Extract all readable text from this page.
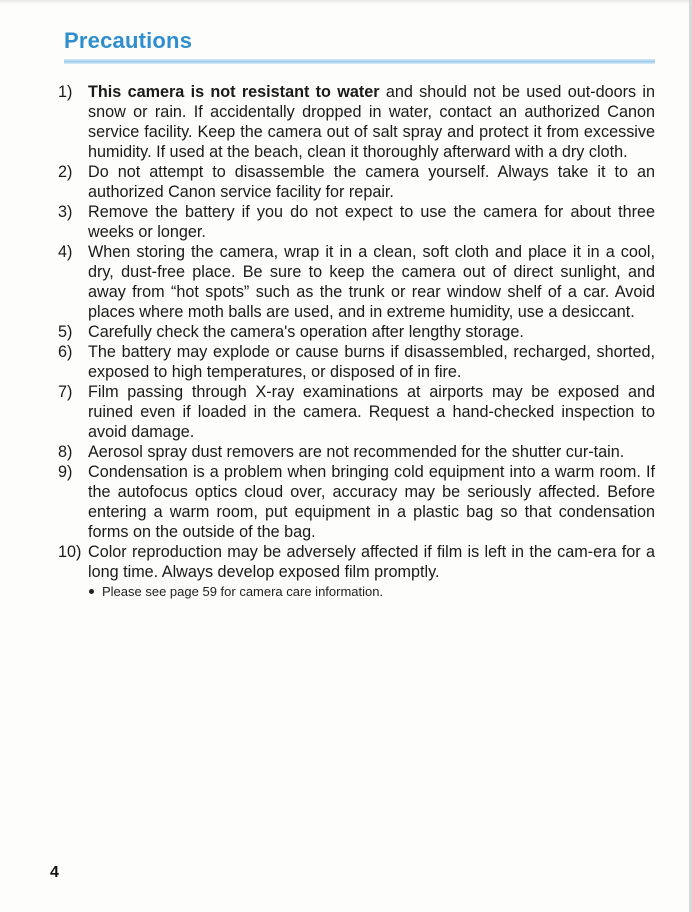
Precautions
1) This camera is not resistant to water and should not be used out-doors in snow or rain. If accidentally dropped in water, contact an authorized Canon service facility. Keep the camera out of salt spray and protect it from excessive humidity. If used at the beach, clean it thoroughly afterward with a dry cloth.
2) Do not attempt to disassemble the camera yourself. Always take it to an authorized Canon service facility for repair.
3) Remove the battery if you do not expect to use the camera for about three weeks or longer.
4) When storing the camera, wrap it in a clean, soft cloth and place it in a cool, dry, dust-free place. Be sure to keep the camera out of direct sunlight, and away from “hot spots” such as the trunk or rear window shelf of a car. Avoid places where moth balls are used, and in extreme humidity, use a desiccant.
5) Carefully check the camera's operation after lengthy storage.
6) The battery may explode or cause burns if disassembled, recharged, shorted, exposed to high temperatures, or disposed of in fire.
7) Film passing through X-ray examinations at airports may be exposed and ruined even if loaded in the camera. Request a hand-checked inspection to avoid damage.
8) Aerosol spray dust removers are not recommended for the shutter cur-tain.
9) Condensation is a problem when bringing cold equipment into a warm room. If the autofocus optics cloud over, accuracy may be seriously affected. Before entering a warm room, put equipment in a plastic bag so that condensation forms on the outside of the bag.
10) Color reproduction may be adversely affected if film is left in the cam-era for a long time. Always develop exposed film promptly.
Please see page 59 for camera care information.
4
